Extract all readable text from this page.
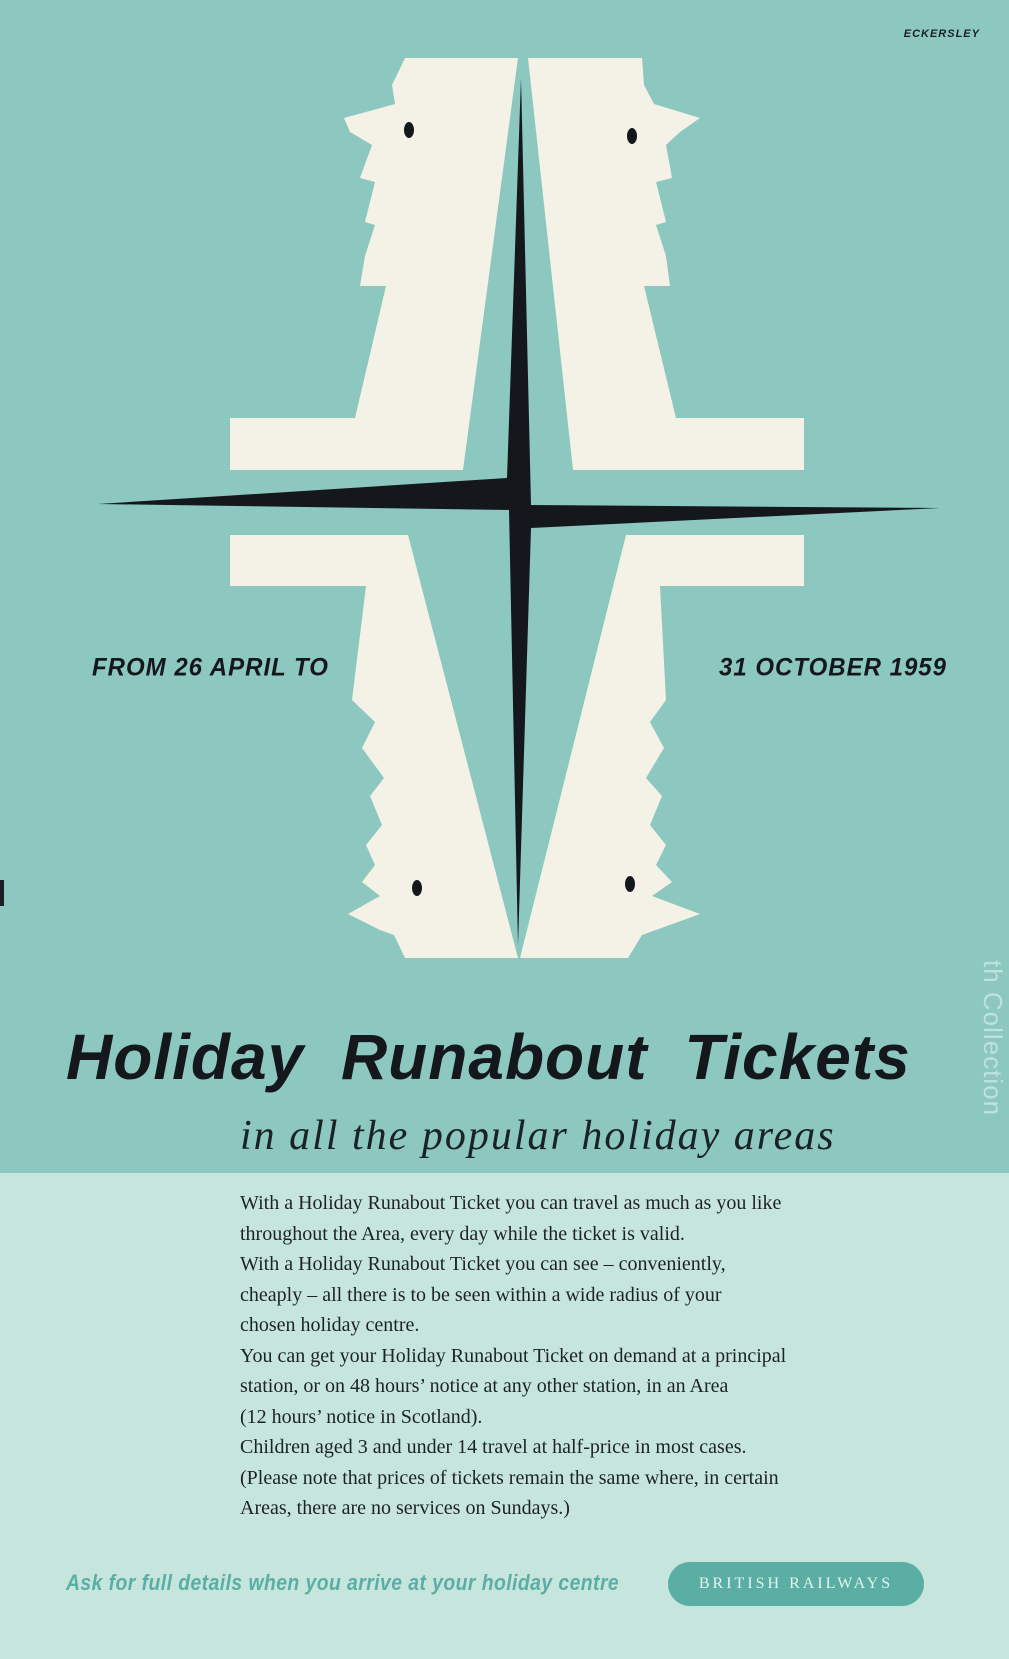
ECKERSLEY
FROM 26 APRIL TO	31 OCTOBER 1959
Holiday Runabout Tickets
in all the popular holiday areas

With a Holiday Runabout Ticket you can travel as much as you like

throughout the Area, every day while the ticket is valid.

With a Holiday Runabout Ticket you can see – conveniently,

cheaply – all there is to be seen within a wide radius of your

chosen holiday centre.

You can get your Holiday Runabout Ticket on demand at a principal

station, or on 48 hours’ notice at any other station, in an Area

(12 hours’ notice in Scotland).

Children aged 3 and under 14 travel at half-price in most cases.

(Please note that prices of tickets remain the same where, in certain

Areas, there are no services on Sundays.)

Ask for full details when you arrive at your holiday centre	BRITISH RAILWAYS
th Collection
